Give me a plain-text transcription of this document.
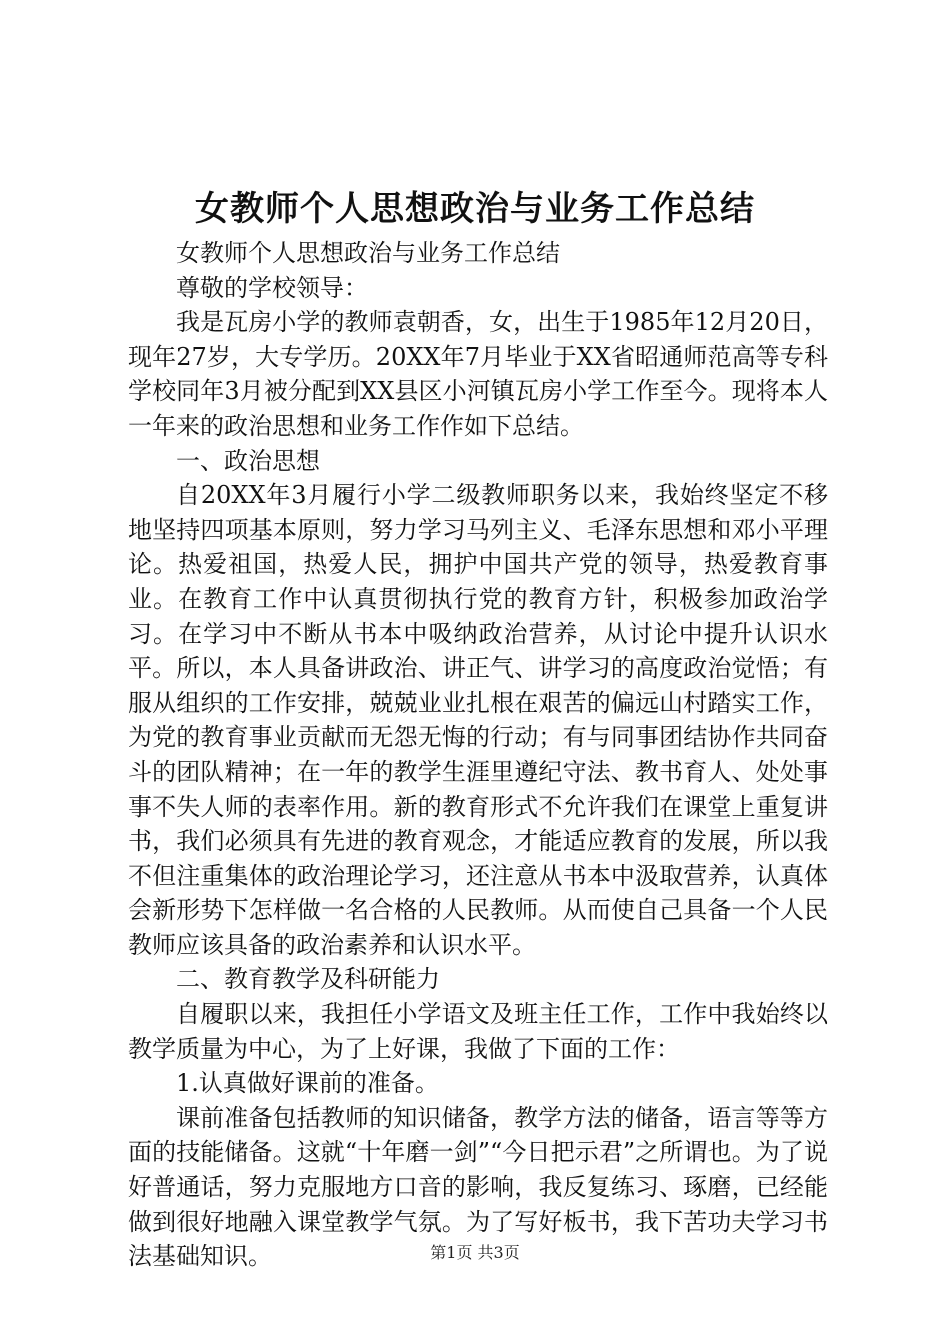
女教师个人思想政治与业务工作总结

女教师个人思想政治与业务工作总结

尊敬的学校领导：

我是瓦房小学的教师袁朝香，女，出生于1985年12月20日，现年27岁，大专学历。20XX年7月毕业于XX省昭通师范高等专科学校同年3月被分配到XX县区小河镇瓦房小学工作至今。现将本人一年来的政治思想和业务工作作如下总结。

一、政治思想

自20XX年3月履行小学二级教师职务以来，我始终坚定不移地坚持四项基本原则，努力学习马列主义、毛泽东思想和邓小平理论。热爱祖国，热爱人民，拥护中国共产党的领导，热爱教育事业。在教育工作中认真贯彻执行党的教育方针，积极参加政治学习。在学习中不断从书本中吸纳政治营养，从讨论中提升认识水平。所以，本人具备讲政治、讲正气、讲学习的高度政治觉悟；有服从组织的工作安排，兢兢业业扎根在艰苦的偏远山村踏实工作，为党的教育事业贡献而无怨无悔的行动；有与同事团结协作共同奋斗的团队精神；在一年的教学生涯里遵纪守法、教书育人、处处事事不失人师的表率作用。新的教育形式不允许我们在课堂上重复讲书，我们必须具有先进的教育观念，才能适应教育的发展，所以我不但注重集体的政治理论学习，还注意从书本中汲取营养，认真体会新形势下怎样做一名合格的人民教师。从而使自己具备一个人民教师应该具备的政治素养和认识水平。

二、教育教学及科研能力

自履职以来，我担任小学语文及班主任工作，工作中我始终以教学质量为中心，为了上好课，我做了下面的工作：

1.认真做好课前的准备。

课前准备包括教师的知识储备，教学方法的储备，语言等等方面的技能储备。这就“十年磨一剑”“今日把示君”之所谓也。为了说好普通话，努力克服地方口音的影响，我反复练习、琢磨，已经能做到很好地融入课堂教学气氛。为了写好板书，我下苦功夫学习书法基础知识。	第1页 共3页
